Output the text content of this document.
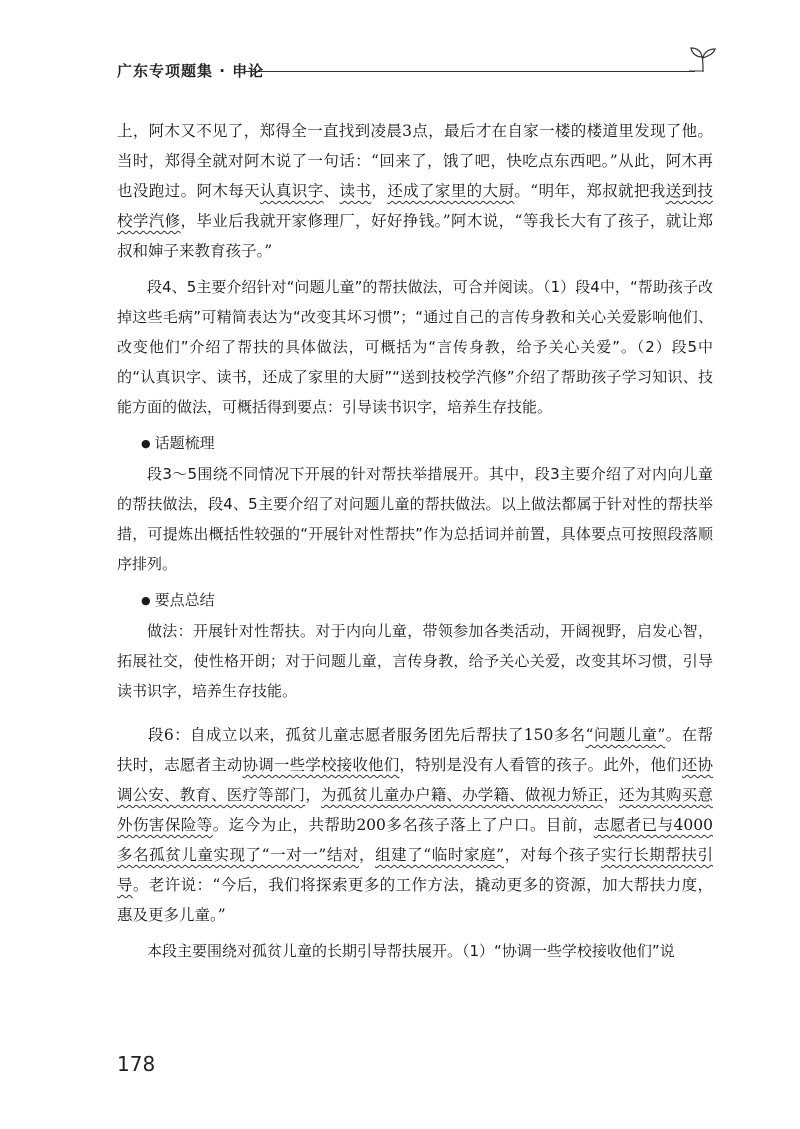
广东专项题集 · 申论

上，阿木又不见了，郑得全一直找到凌晨3点，最后才在自家一楼的楼道里发现了他。当时，郑得全就对阿木说了一句话：“回来了，饿了吧，快吃点东西吧。”从此，阿木再也没跑过。阿木每天认真识字、读书，还成了家里的大厨。“明年，郑叔就把我送到技校学汽修，毕业后我就开家修理厂，好好挣钱。”阿木说，“等我长大有了孩子，就让郑叔和婶子来教育孩子。”

段4、5主要介绍针对“问题儿童”的帮扶做法，可合并阅读。（1）段4中，“帮助孩子改掉这些毛病”可精简表达为“改变其坏习惯”；“通过自己的言传身教和关心关爱影响他们、改变他们”介绍了帮扶的具体做法，可概括为“言传身教，给予关心关爱”。（2）段5中的“认真识字、读书，还成了家里的大厨”“送到技校学汽修”介绍了帮助孩子学习知识、技能方面的做法，可概括得到要点：引导读书识字，培养生存技能。

● 话题梳理

段3～5围绕不同情况下开展的针对帮扶举措展开。其中，段3主要介绍了对内向儿童的帮扶做法，段4、5主要介绍了对问题儿童的帮扶做法。以上做法都属于针对性的帮扶举措，可提炼出概括性较强的“开展针对性帮扶”作为总括词并前置，具体要点可按照段落顺序排列。

● 要点总结

做法：开展针对性帮扶。对于内向儿童，带领参加各类活动，开阔视野，启发心智，拓展社交，使性格开朗；对于问题儿童，言传身教，给予关心关爱，改变其坏习惯，引导读书识字，培养生存技能。

段6：自成立以来，孤贫儿童志愿者服务团先后帮扶了150多名“问题儿童”。在帮扶时，志愿者主动协调一些学校接收他们，特别是没有人看管的孩子。此外，他们还协调公安、教育、医疗等部门，为孤贫儿童办户籍、办学籍、做视力矫正，还为其购买意外伤害保险等。迄今为止，共帮助200多名孩子落上了户口。目前，志愿者已与4000多名孤贫儿童实现了“一对一”结对，组建了“临时家庭”，对每个孩子实行长期帮扶引导。老许说：“今后，我们将探索更多的工作方法，撬动更多的资源，加大帮扶力度，惠及更多儿童。”

本段主要围绕对孤贫儿童的长期引导帮扶展开。（1）“协调一些学校接收他们”说

178
